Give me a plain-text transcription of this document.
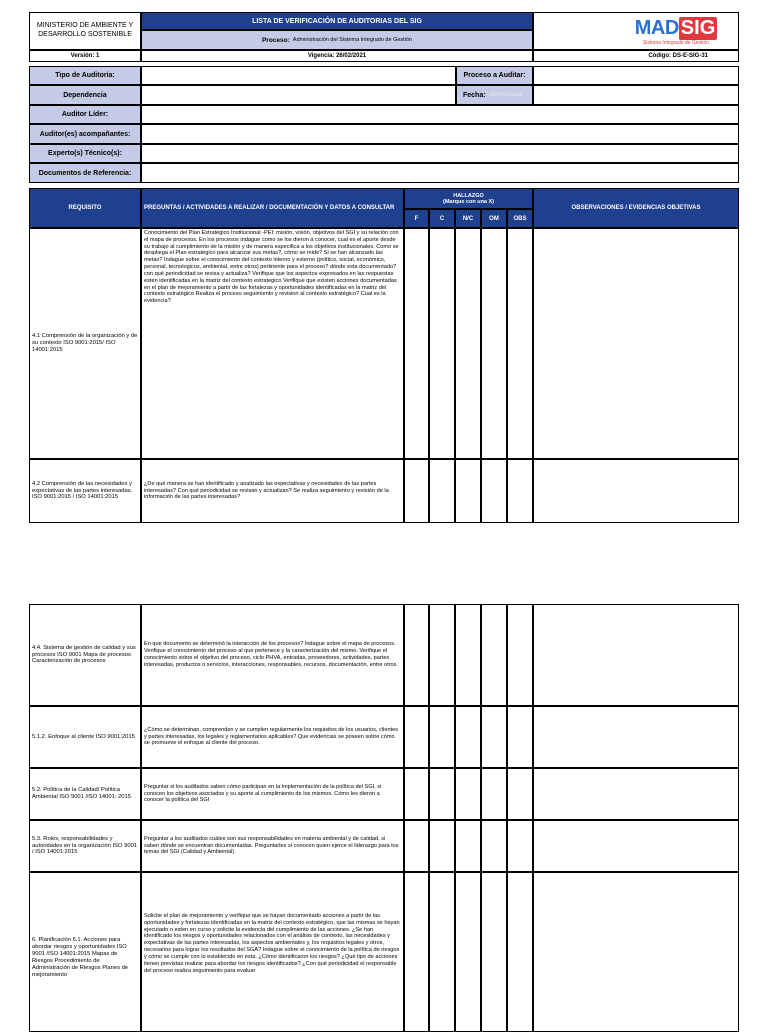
MINISTERIO DE AMBIENTE Y DESARROLLO SOSTENIBLE
LISTA DE VERIFICACIÓN DE AUDITORIAS DEL SIG
Proceso: Administración del Sistema Integrado de Gestión
MAD SIG
Sistema Integrado de Gestión
Versión: 1	Vigencia: 26/02/2021	Código: DS-E-SIG-31
Tipo de Auditoría:	Proceso a Auditar:
Dependencia	Fecha: dd/mm/aaaa
Auditor Líder:
Auditor(es) acompañantes:
Experto(s) Técnico(s):
Documentos de Referencia:
REQUISITO	PREGUNTAS / ACTIVIDADES A REALIZAR / DOCUMENTACIÓN Y DATOS A CONSULTAR
HALLAZGO
(Marque con una X)
F	C	N/C	OM	OBS
OBSERVACIONES / EVIDENCIAS OBJETIVAS
4.1 Comprensión de la organización y de su contexto ISO 9001:2015/ ISO 14001:2015
Conocimiento del Plan Estratégico Institucional -PEI: misión, visión, objetivos del SGI y su relación con el mapa de procesos. En los procesos indague como se los dieron a conocer, cual es el aporte desde su trabajo al cumplimiento de la misión y de manera especifica a los objetivos institucionales. Como se despliega el Plan estratégico para alcanzar sus metas?, cómo se mide? Si se han alcanzado las metas? Indague sobre el conocimiento del contexto interno y externo (político, social, económico, personal, tecnologicos, ambiental, entre otros) pertinente para el proceso? dónde esta documentado? con qué periodicidad se revisa y actualiza? Verifique que los aspectos expresados en las respuestas estén identificadas en la matriz del contexto estrategico Verifique que existen acciones documentadas en el plan de mejoramiento a partir de las fortalezas y oportunidades identificadas en la matriz del contexto estratégico Realiza el proceso seguimiento y revision al contexto estratégico? Cual es la evidencia?
4.2 Comprensión de las necesidades y expectativas de las partes interesadas. ISO 9001:2015 / ISO 14001:2015
¿De qué manera se han identificado y analizado las expectativas y necesidades de las partes interesadas? Con qué periodicidad se revisan y actualizan? Se realiza seguimiento y revisión de la información de las partes interesadas?
4.4. Sistema de gestión de calidad y sus procesos ISO 9001 Mapa de procesos Caracterización de procesos
En que documento se determinó la interacción de los procesos? Indague sobre el mapa de procesos. Verifique el conocimiento del proceso al que pertenece y la caracterización del mismo. Verifique el conocimiento sobre el objetivo del proceso, ciclo PHVA, entradas, proveedores, actividades, partes interesadas, productos o servicios, interacciones, responsables, recursos, documentación, entre otros.
5.1.2. Enfoque al cliente ISO 9001:2015
¿Cómo se determinan, comprenden y se cumplen regularmente los requisitos de los usuarios, clientes y partes interesadas, los legales y reglamentarios aplicables? Que evidencias se poseen sobre cómo se promueve el enfoque al cliente del proceso.
5.2. Política de la Calidad/ Política Ambiental ISO 9001 /ISO 14001: 2015
Preguntar si los auditados saben cómo participan en la implementación de la política del SGI, si conocen los objetivos asociados y su aporte al cumplimiento de los mismos. Cómo les dieron a conocer la política del SGI
5.3. Roles, responsabilidades y autoridades en la organización ISO 9001 / ISO 14001:2015
Preguntar a los auditados cuáles son sus responsabilidades en materia ambiental y de calidad, si saben dónde se encuentran documentadas. Preguntarles si conocen quien ejerce el liderazgo para los temas del SGI (Calidad y Ambiental)
6. Planificación 6.1. Acciones para abordar riesgos y oportunidades ISO 9001 /ISO 14001:2015 Mapas de Riesgos Procedimiento de Administración de Riesgos Planes de mejoramiento
Solicite el plan de mejoramiento y verifique que se hayan documentado acciones a partir de las oportunidades y fortalezas identificadas en la matriz del contexto estratégico, que las mismas se hayan ejecutado o esten en curso y solicite la evidencia del cumplimiento de las acciones. ¿Se han identificado los riesgos y oportunidades relacionados con el análisis de contexto, las necesidades y expectativas de las partes interesadas, los aspectos ambientales y, los requisitos legales y otros, necesarios para lograr los resultados del SGA? Indague sobre el conocimiento de la política de riesgos y cómo se cumple con lo establecido en esta. ¿Cómo identificaron los riesgos? ¿Qué tipo de acciones tienen previstas realizar para abordar los riesgos identificados? ¿Con qué periodicidad el responsable del proceso realiza seguimiento para evaluar
